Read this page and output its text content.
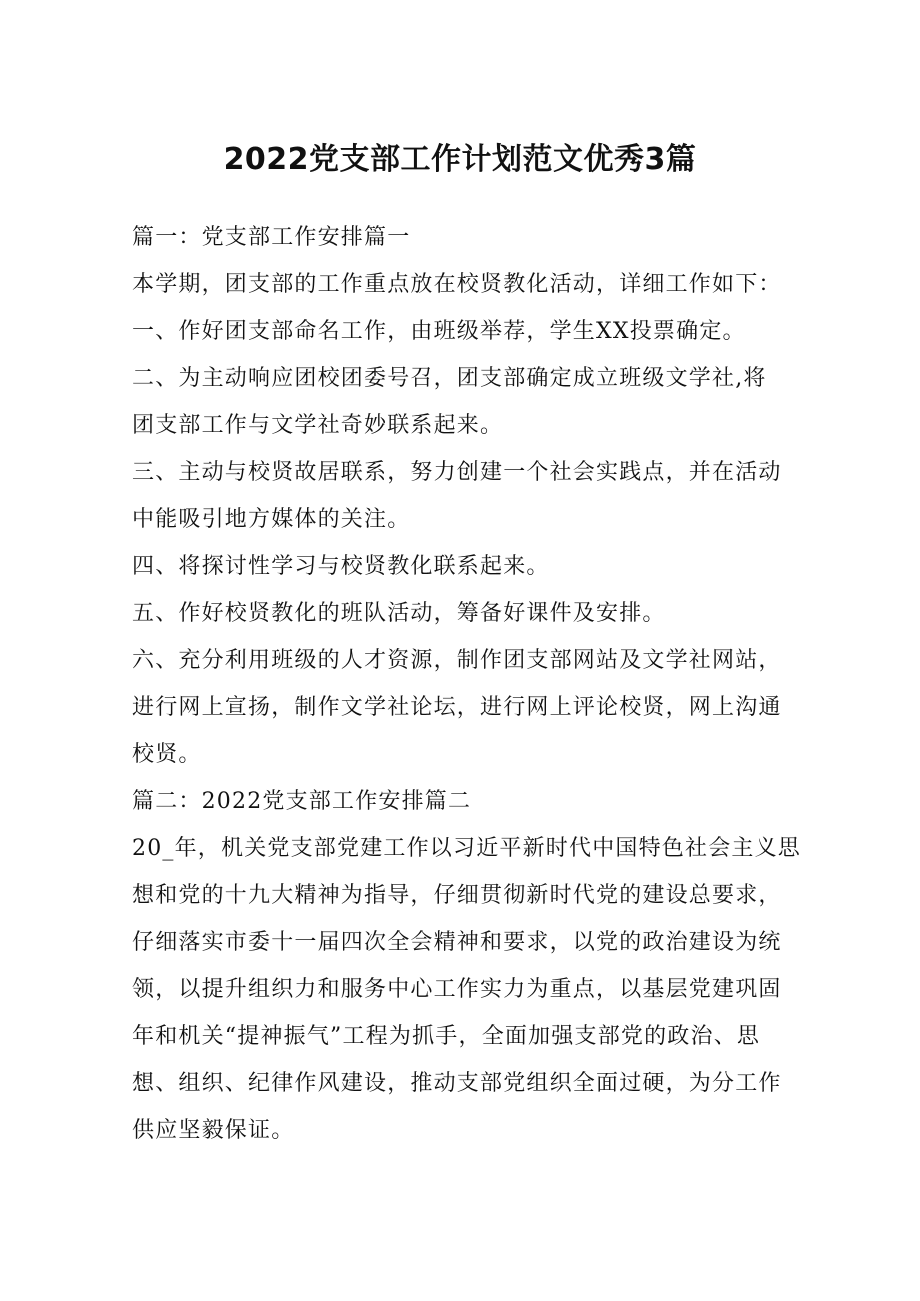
2022党支部工作计划范文优秀3篇
篇一：党支部工作安排篇一
本学期，团支部的工作重点放在校贤教化活动，详细工作如下：
一、作好团支部命名工作，由班级举荐，学生XX投票确定。
二、为主动响应团校团委号召，团支部确定成立班级文学社,将
团支部工作与文学社奇妙联系起来。
三、主动与校贤故居联系，努力创建一个社会实践点，并在活动
中能吸引地方媒体的关注。
四、将探讨性学习与校贤教化联系起来。
五、作好校贤教化的班队活动，筹备好课件及安排。
六、充分利用班级的人才资源，制作团支部网站及文学社网站，
进行网上宣扬，制作文学社论坛，进行网上评论校贤，网上沟通
校贤。
篇二：2022党支部工作安排篇二
20_年，机关党支部党建工作以习近平新时代中国特色社会主义思
想和党的十九大精神为指导，仔细贯彻新时代党的建设总要求，
仔细落实市委十一届四次全会精神和要求，以党的政治建设为统
领，以提升组织力和服务中心工作实力为重点，以基层党建巩固
年和机关“提神振气”工程为抓手，全面加强支部党的政治、思
想、组织、纪律作风建设，推动支部党组织全面过硬，为分工作
供应坚毅保证。
